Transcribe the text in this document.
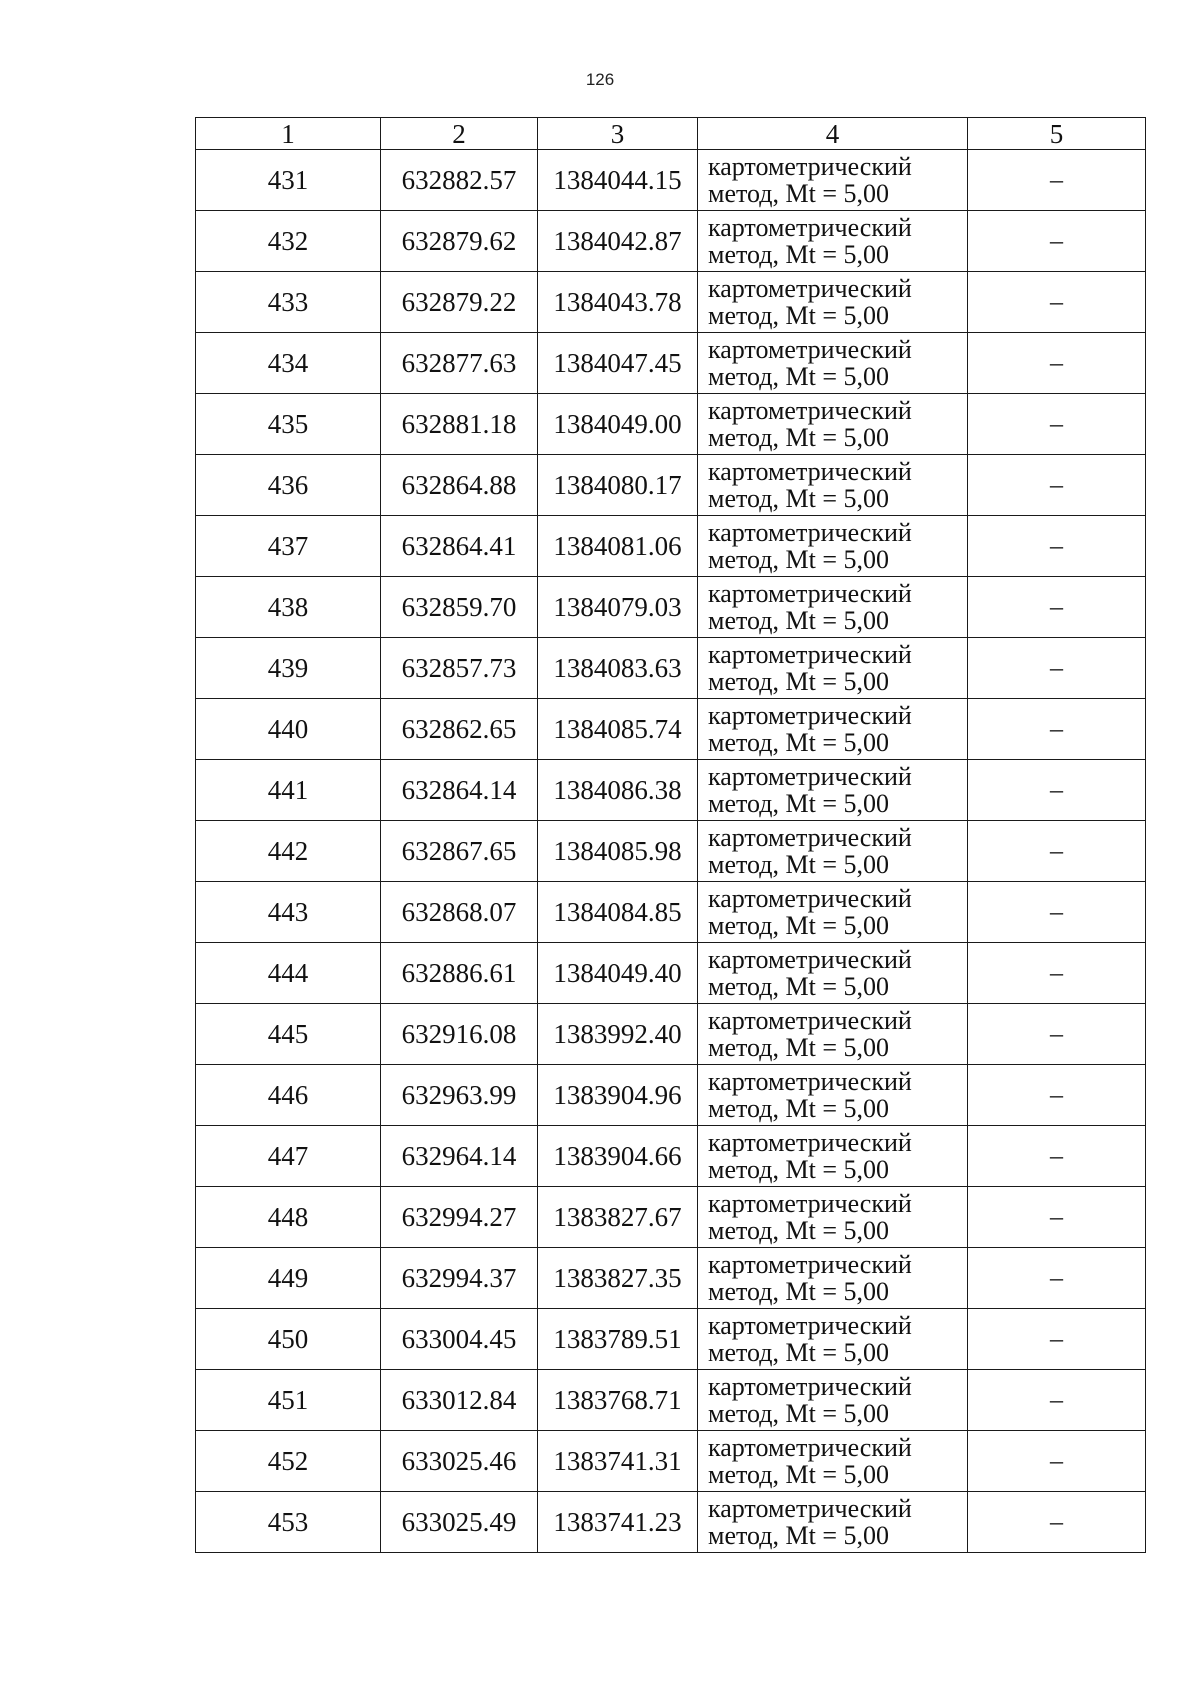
126
1	2	3	4	5
431	632882.57	1384044.15	картометрический
метод, Mt = 5,00	–
432	632879.62	1384042.87	картометрический
метод, Mt = 5,00	–
433	632879.22	1384043.78	картометрический
метод, Mt = 5,00	–
434	632877.63	1384047.45	картометрический
метод, Mt = 5,00	–
435	632881.18	1384049.00	картометрический
метод, Mt = 5,00	–
436	632864.88	1384080.17	картометрический
метод, Mt = 5,00	–
437	632864.41	1384081.06	картометрический
метод, Mt = 5,00	–
438	632859.70	1384079.03	картометрический
метод, Mt = 5,00	–
439	632857.73	1384083.63	картометрический
метод, Mt = 5,00	–
440	632862.65	1384085.74	картометрический
метод, Mt = 5,00	–
441	632864.14	1384086.38	картометрический
метод, Mt = 5,00	–
442	632867.65	1384085.98	картометрический
метод, Mt = 5,00	–
443	632868.07	1384084.85	картометрический
метод, Mt = 5,00	–
444	632886.61	1384049.40	картометрический
метод, Mt = 5,00	–
445	632916.08	1383992.40	картометрический
метод, Mt = 5,00	–
446	632963.99	1383904.96	картометрический
метод, Mt = 5,00	–
447	632964.14	1383904.66	картометрический
метод, Mt = 5,00	–
448	632994.27	1383827.67	картометрический
метод, Mt = 5,00	–
449	632994.37	1383827.35	картометрический
метод, Mt = 5,00	–
450	633004.45	1383789.51	картометрический
метод, Mt = 5,00	–
451	633012.84	1383768.71	картометрический
метод, Mt = 5,00	–
452	633025.46	1383741.31	картометрический
метод, Mt = 5,00	–
453	633025.49	1383741.23	картометрический
метод, Mt = 5,00	–
